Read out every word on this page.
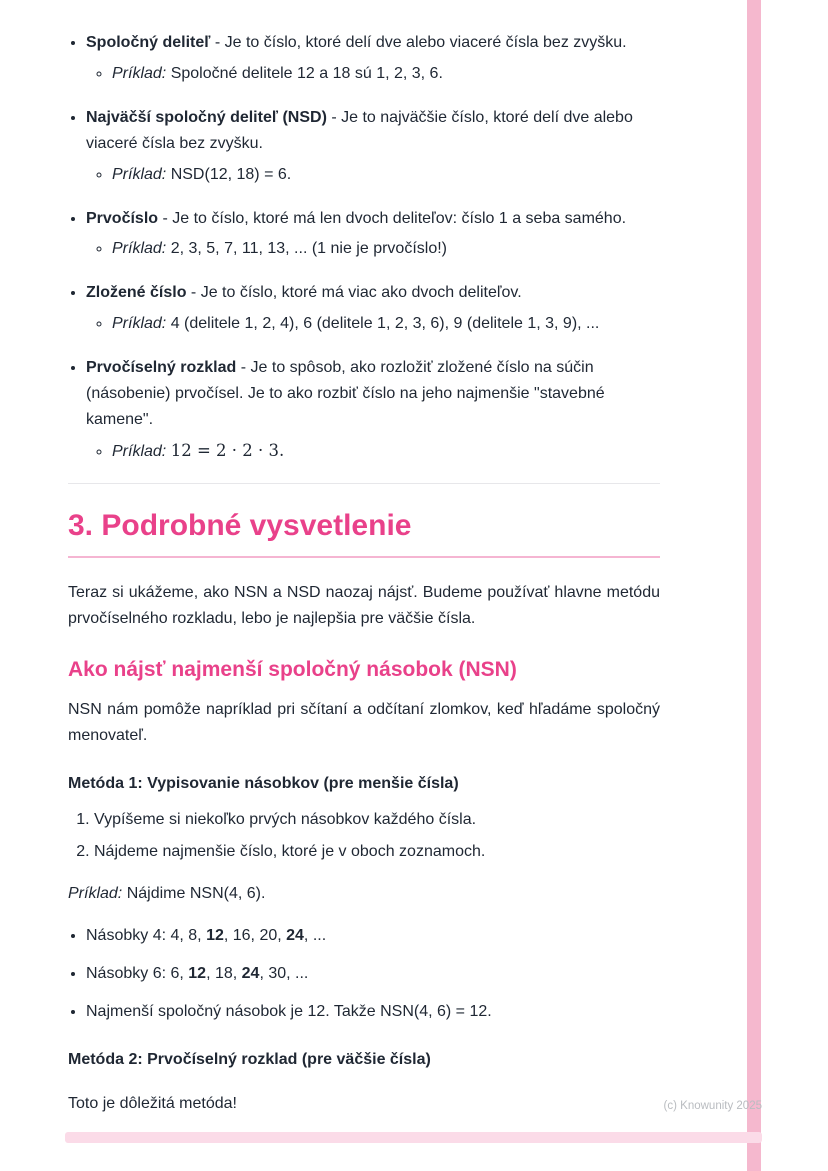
• Spoločný deliteľ - Je to číslo, ktoré delí dve alebo viaceré čísla bez zvyšku.
◦ Príklad: Spoločné delitele 12 a 18 sú 1, 2, 3, 6.
• Najväčší spoločný deliteľ (NSD) - Je to najväčšie číslo, ktoré delí dve alebo viaceré čísla bez zvyšku.
◦ Príklad: NSD(12, 18) = 6.
• Prvočíslo - Je to číslo, ktoré má len dvoch deliteľov: číslo 1 a seba samého.
◦ Príklad: 2, 3, 5, 7, 11, 13, ... (1 nie je prvočíslo!)
• Zložené číslo - Je to číslo, ktoré má viac ako dvoch deliteľov.
◦ Príklad: 4 (delitele 1, 2, 4), 6 (delitele 1, 2, 3, 6), 9 (delitele 1, 3, 9), ...
• Prvočíselný rozklad - Je to spôsob, ako rozložiť zložené číslo na súčin (násobenie) prvočísel. Je to ako rozbiť číslo na jeho najmenšie "stavebné kamene".
◦ Príklad: 12 = 2 · 2 · 3.
3. Podrobné vysvetlenie

Teraz si ukážeme, ako NSN a NSD naozaj nájsť. Budeme používať hlavne metódu prvočíselného rozkladu, lebo je najlepšia pre väčšie čísla.

Ako nájsť najmenší spoločný násobok (NSN)

NSN nám pomôže napríklad pri sčítaní a odčítaní zlomkov, keď hľadáme spoločný menovateľ.

Metóda 1: Vypisovanie násobkov (pre menšie čísla)
1. Vypíšeme si niekoľko prvých násobkov každého čísla.
2. Nájdeme najmenšie číslo, ktoré je v oboch zoznamoch.

Príklad: Nájdime NSN(4, 6).

• Násobky 4: 4, 8, 12, 16, 20, 24, ...
• Násobky 6: 6, 12, 18, 24, 30, ...
• Najmenší spoločný násobok je 12. Takže NSN(4, 6) = 12.
Metóda 2: Prvočíselný rozklad (pre väčšie čísla)

Toto je dôležitá metóda!	(c) Knowunity 2025
